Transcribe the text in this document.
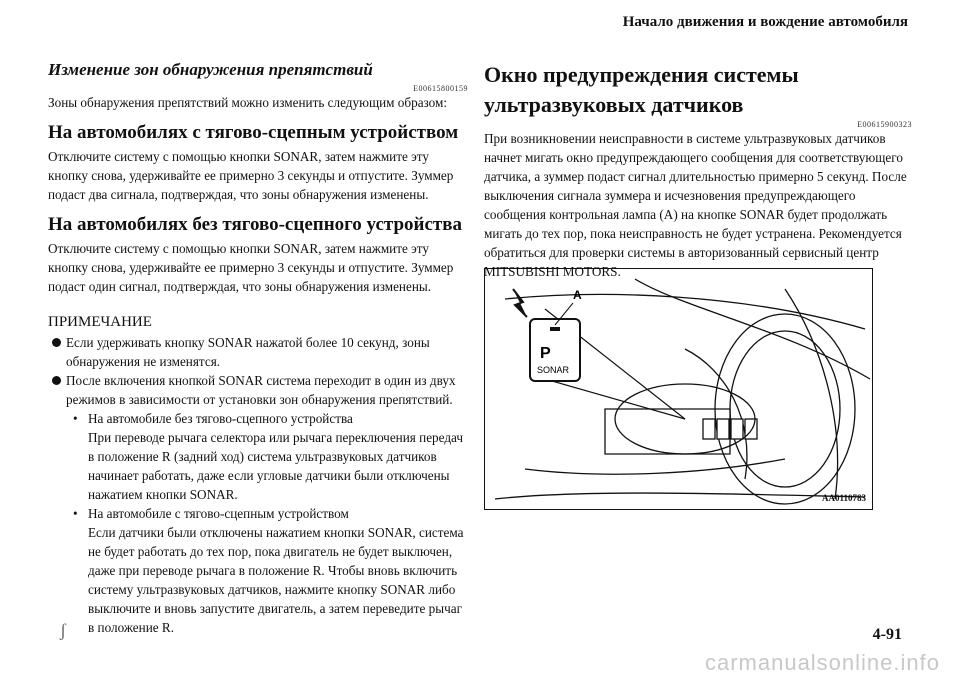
Начало движения и вождение автомобиля

Изменение зон обнаружения препятствий

E00615800159

Зоны обнаружения препятствий можно изменить следующим образом:

На автомобилях с тягово-сцепным устройством

Отключите систему с помощью кнопки SONAR, затем нажмите эту кнопку снова, удерживайте ее примерно 3 секунды и отпустите. Зуммер подаст два сигнала, подтверждая, что зоны обнаружения изменены.

На автомобилях без тягово-сцепного устройства

Отключите систему с помощью кнопки SONAR, затем нажмите эту кнопку снова, удерживайте ее примерно 3 секунды и отпустите. Зуммер подаст один сигнал, подтверждая, что зоны обнаружения изменены.

ПРИМЕЧАНИЕ

Если удерживать кнопку SONAR нажатой более 10 секунд, зоны обнаружения не изменятся.
После включения кнопкой SONAR система переходит в один из двух режимов в зависимости от установки зон обнаружения препятствий.
• На автомобиле без тягово-сцепного устройства
При переводе рычага селектора или рычага переключения передач в положение R (задний ход) система ультразвуковых датчиков начинает работать, даже если угловые датчики были отключены нажатием кнопки SONAR.
• На автомобиле с тягово-сцепным устройством
Если датчики были отключены нажатием кнопки SONAR, система не будет работать до тех пор, пока двигатель не будет выключен, даже при переводе рычага в положение R. Чтобы вновь включить систему ультразвуковых датчиков, нажмите кнопку SONAR либо выключите и вновь запустите двигатель, а затем переведите рычаг в положение R.

Окно предупреждения системы ультразвуковых датчиков

E00615900323

При возникновении неисправности в системе ультразвуковых датчиков начнет мигать окно предупреждающего сообщения для соответствующего датчика, а зуммер подаст сигнал длительностью примерно 5 секунд. После выключения сигнала зуммера и исчезновения предупреждающего сообщения контрольная лампа (A) на кнопке SONAR будет продолжать мигать до тех пор, пока неисправность не будет устранена. Рекомендуется обратиться для проверки системы в авторизованный сервисный центр MITSUBISHI MOTORS.

P
SONAR
A
AA0110783
ʃ	4-91
carmanualsonline.info
